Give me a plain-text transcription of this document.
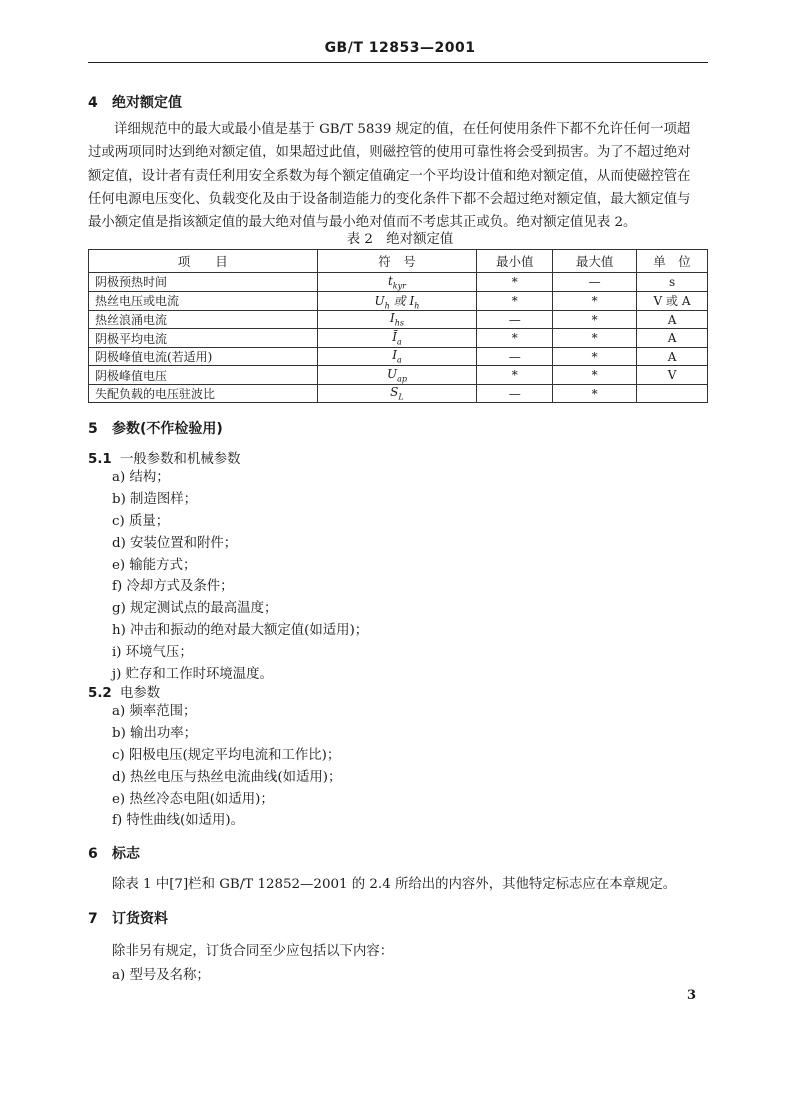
GB/T 12853—2001
4 绝对额定值
详细规范中的最大或最小值是基于 GB/T 5839 规定的值，在任何使用条件下都不允许任何一项超
过或两项同时达到绝对额定值，如果超过此值，则磁控管的使用可靠性将会受到损害。为了不超过绝对
额定值，设计者有责任利用安全系数为每个额定值确定一个平均设计值和绝对额定值，从而使磁控管在
任何电源电压变化、负载变化及由于设备制造能力的变化条件下都不会超过绝对额定值，最大额定值与
最小额定值是指该额定值的最大绝对值与最小绝对值而不考虑其正或负。绝对额定值见表 2。
表 2　绝对额定值
项　　目	符　号	最小值	最大值	单　位
阴极预热时间	$t_{kyr}$	*	—	s
热丝电压或电流	$U_h$ 或 $I_h$	*	*	V 或 A
热丝浪涌电流	$I_{hs}$	—	*	A
阴极平均电流	$Ī_a$	*	*	A
阴极峰值电流(若适用)	$I_a$	—	*	A
阴极峰值电压	$U_{ap}$	*	*	V
失配负载的电压驻波比	$S_L$	—	*	
5 参数(不作检验用)
5.1 一般参数和机械参数
a) 结构；
b) 制造图样；
c) 质量；
d) 安装位置和附件；
e) 输能方式；
f) 冷却方式及条件；
g) 规定测试点的最高温度；
h) 冲击和振动的绝对最大额定值(如适用)；
i) 环境气压；
j) 贮存和工作时环境温度。
5.2 电参数
a) 频率范围；
b) 输出功率；
c) 阳极电压(规定平均电流和工作比)；
d) 热丝电压与热丝电流曲线(如适用)；
e) 热丝冷态电阻(如适用)；
f) 特性曲线(如适用)。
6 标志
除表 1 中[7]栏和 GB/T 12852—2001 的 2.4 所给出的内容外，其他特定标志应在本章规定。
7 订货资料
除非另有规定，订货合同至少应包括以下内容：
a) 型号及名称；
3
